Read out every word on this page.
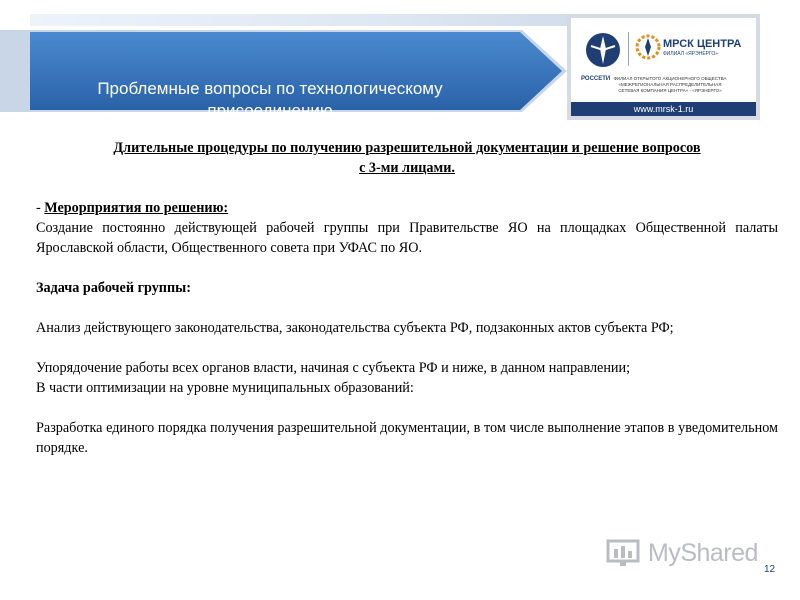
Проблемные вопросы по технологическому
присоединению
РОССЕТИ
МРСК ЦЕНТРА
ФИЛИАЛ «ЯРЭНЕРГО»
ФИЛИАЛ ОТКРЫТОГО АКЦИОНЕРНОГО ОБЩЕСТВА
«МЕЖРЕГИОНАЛЬНАЯ РАСПРЕДЕЛИТЕЛЬНАЯ
СЕТЕВАЯ КОМПАНИЯ ЦЕНТРА» - «ЯРЭНЕРГО»
www.mrsk-1.ru

Длительные процедуры по получению разрешительной документации и решение вопросов
с 3-ми лицами.

- Мерорприятия по решению:

Создание постоянно действующей рабочей группы при Правительстве ЯО на площадках Общественной палаты Ярославской области, Общественного совета при УФАС по ЯО.

Задача рабочей группы:

Анализ действующего законодательства, законодательства субъекта РФ, подзаконных актов субъекта РФ;

Упорядочение работы всех органов власти, начиная с субъекта РФ и ниже, в данном направлении;
В части оптимизации на уровне муниципальных образований:

Разработка единого порядка получения разрешительной документации, в том числе выполнение этапов в уведомительном порядке.

MyShared
12
